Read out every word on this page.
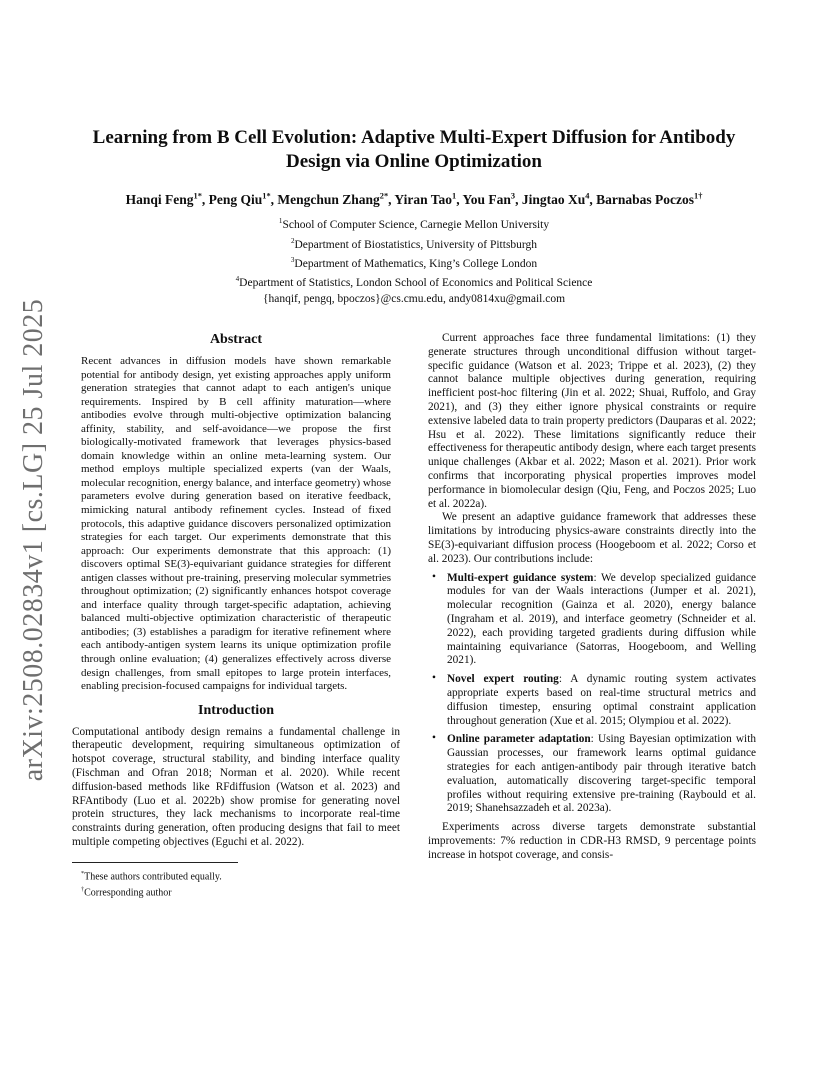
arXiv:2508.02834v1 [cs.LG] 25 Jul 2025
Learning from B Cell Evolution: Adaptive Multi-Expert Diffusion for Antibody Design via Online Optimization
Hanqi Feng$^{1*}$, Peng Qiu$^{1*}$, Mengchun Zhang$^{2*}$, Yiran Tao$^1$, You Fan$^3$, Jingtao Xu$^4$, Barnabas Poczos$^{1\dagger}$
$^1$School of Computer Science, Carnegie Mellon University
$^2$Department of Biostatistics, University of Pittsburgh
$^3$Department of Mathematics, King’s College London
$^4$Department of Statistics, London School of Economics and Political Science
{hanqif, pengq, bpoczos}@cs.cmu.edu, andy0814xu@gmail.com
Abstract

Recent advances in diffusion models have shown remarkable potential for antibody design, yet existing approaches apply uniform generation strategies that cannot adapt to each antigen's unique requirements. Inspired by B cell affinity maturation—where antibodies evolve through multi-objective optimization balancing affinity, stability, and self-avoidance—we propose the first biologically-motivated framework that leverages physics-based domain knowledge within an online meta-learning system. Our method employs multiple specialized experts (van der Waals, molecular recognition, energy balance, and interface geometry) whose parameters evolve during generation based on iterative feedback, mimicking natural antibody refinement cycles. Instead of fixed protocols, this adaptive guidance discovers personalized optimization strategies for each target. Our experiments demonstrate that this approach: Our experiments demonstrate that this approach: (1) discovers optimal SE(3)-equivariant guidance strategies for different antigen classes without pre-training, preserving molecular symmetries throughout optimization; (2) significantly enhances hotspot coverage and interface quality through target-specific adaptation, achieving balanced multi-objective optimization characteristic of therapeutic antibodies; (3) establishes a paradigm for iterative refinement where each antibody-antigen system learns its unique optimization profile through online evaluation; (4) generalizes effectively across diverse design challenges, from small epitopes to large protein interfaces, enabling precision-focused campaigns for individual targets.

Introduction

Computational antibody design remains a fundamental challenge in therapeutic development, requiring simultaneous optimization of hotspot coverage, structural stability, and binding interface quality (Fischman and Ofran 2018; Norman et al. 2020). While recent diffusion-based methods like RFdiffusion (Watson et al. 2023) and RFAntibody (Luo et al. 2022b) show promise for generating novel protein structures, they lack mechanisms to incorporate real-time constraints during generation, often producing designs that fail to meet multiple competing objectives (Eguchi et al. 2022).

*These authors contributed equally.
†Corresponding author

Current approaches face three fundamental limitations: (1) they generate structures through unconditional diffusion without target-specific guidance (Watson et al. 2023; Trippe et al. 2023), (2) they cannot balance multiple objectives during generation, requiring inefficient post-hoc filtering (Jin et al. 2022; Shuai, Ruffolo, and Gray 2021), and (3) they either ignore physical constraints or require extensive labeled data to train property predictors (Dauparas et al. 2022; Hsu et al. 2022). These limitations significantly reduce their effectiveness for therapeutic antibody design, where each target presents unique challenges (Akbar et al. 2022; Mason et al. 2021). Prior work confirms that incorporating physical properties improves model performance in biomolecular design (Qiu, Feng, and Poczos 2025; Luo et al. 2022a).

We present an adaptive guidance framework that addresses these limitations by introducing physics-aware constraints directly into the SE(3)-equivariant diffusion process (Hoogeboom et al. 2022; Corso et al. 2023). Our contributions include:

• Multi-expert guidance system: We develop specialized guidance modules for van der Waals interactions (Jumper et al. 2021), molecular recognition (Gainza et al. 2020), energy balance (Ingraham et al. 2019), and interface geometry (Schneider et al. 2022), each providing targeted gradients during diffusion while maintaining equivariance (Satorras, Hoogeboom, and Welling 2021).
• Novel expert routing: A dynamic routing system activates appropriate experts based on real-time structural metrics and diffusion timestep, ensuring optimal constraint application throughout generation (Xue et al. 2015; Olympiou et al. 2022).
• Online parameter adaptation: Using Bayesian optimization with Gaussian processes, our framework learns optimal guidance strategies for each antigen-antibody pair through iterative batch evaluation, automatically discovering target-specific temporal profiles without requiring extensive pre-training (Raybould et al. 2019; Shanehsazzadeh et al. 2023a).

Experiments across diverse targets demonstrate substantial improvements: 7% reduction in CDR-H3 RMSD, 9 percentage points increase in hotspot coverage, and consis-
